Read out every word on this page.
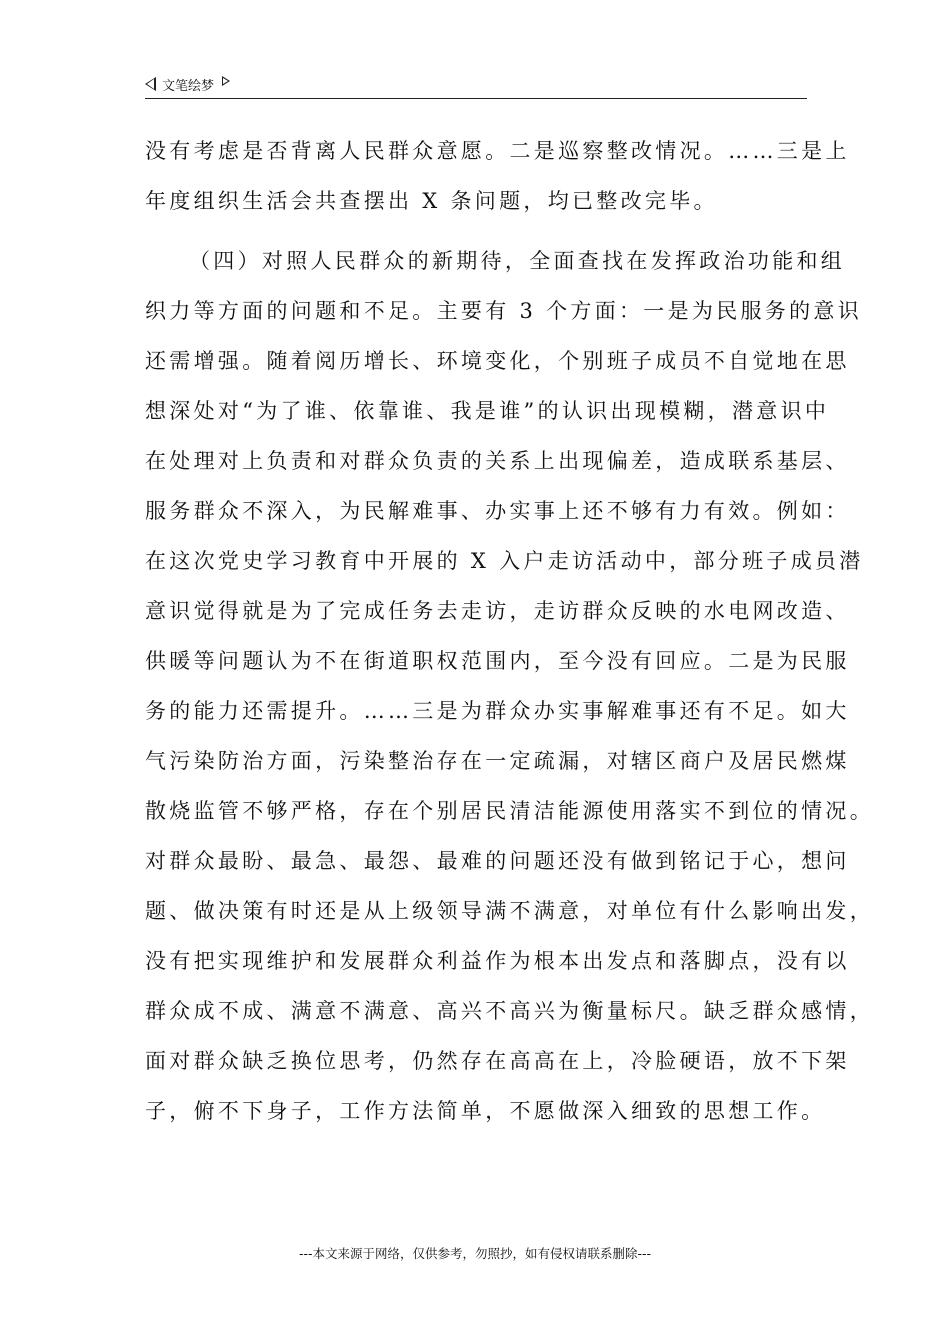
文笔绘梦
没有考虑是否背离人民群众意愿。二是巡察整改情况。……三是上
年度组织生活会共查摆出 X 条问题，均已整改完毕。
（四）对照人民群众的新期待，全面查找在发挥政治功能和组
织力等方面的问题和不足。主要有 3 个方面：一是为民服务的意识
还需增强。随着阅历增长、环境变化，个别班子成员不自觉地在思
想深处对“为了谁、依靠谁、我是谁”的认识出现模糊，潜意识中
在处理对上负责和对群众负责的关系上出现偏差，造成联系基层、
服务群众不深入，为民解难事、办实事上还不够有力有效。例如：
在这次党史学习教育中开展的 X 入户走访活动中，部分班子成员潜
意识觉得就是为了完成任务去走访，走访群众反映的水电网改造、
供暖等问题认为不在街道职权范围内，至今没有回应。二是为民服
务的能力还需提升。……三是为群众办实事解难事还有不足。如大
气污染防治方面，污染整治存在一定疏漏，对辖区商户及居民燃煤
散烧监管不够严格，存在个别居民清洁能源使用落实不到位的情况。
对群众最盼、最急、最怨、最难的问题还没有做到铭记于心，想问
题、做决策有时还是从上级领导满不满意，对单位有什么影响出发，
没有把实现维护和发展群众利益作为根本出发点和落脚点，没有以
群众成不成、满意不满意、高兴不高兴为衡量标尺。缺乏群众感情，
面对群众缺乏换位思考，仍然存在高高在上，冷脸硬语，放不下架
子，俯不下身子，工作方法简单，不愿做深入细致的思想工作。
---本文来源于网络，仅供参考，勿照抄，如有侵权请联系删除---
